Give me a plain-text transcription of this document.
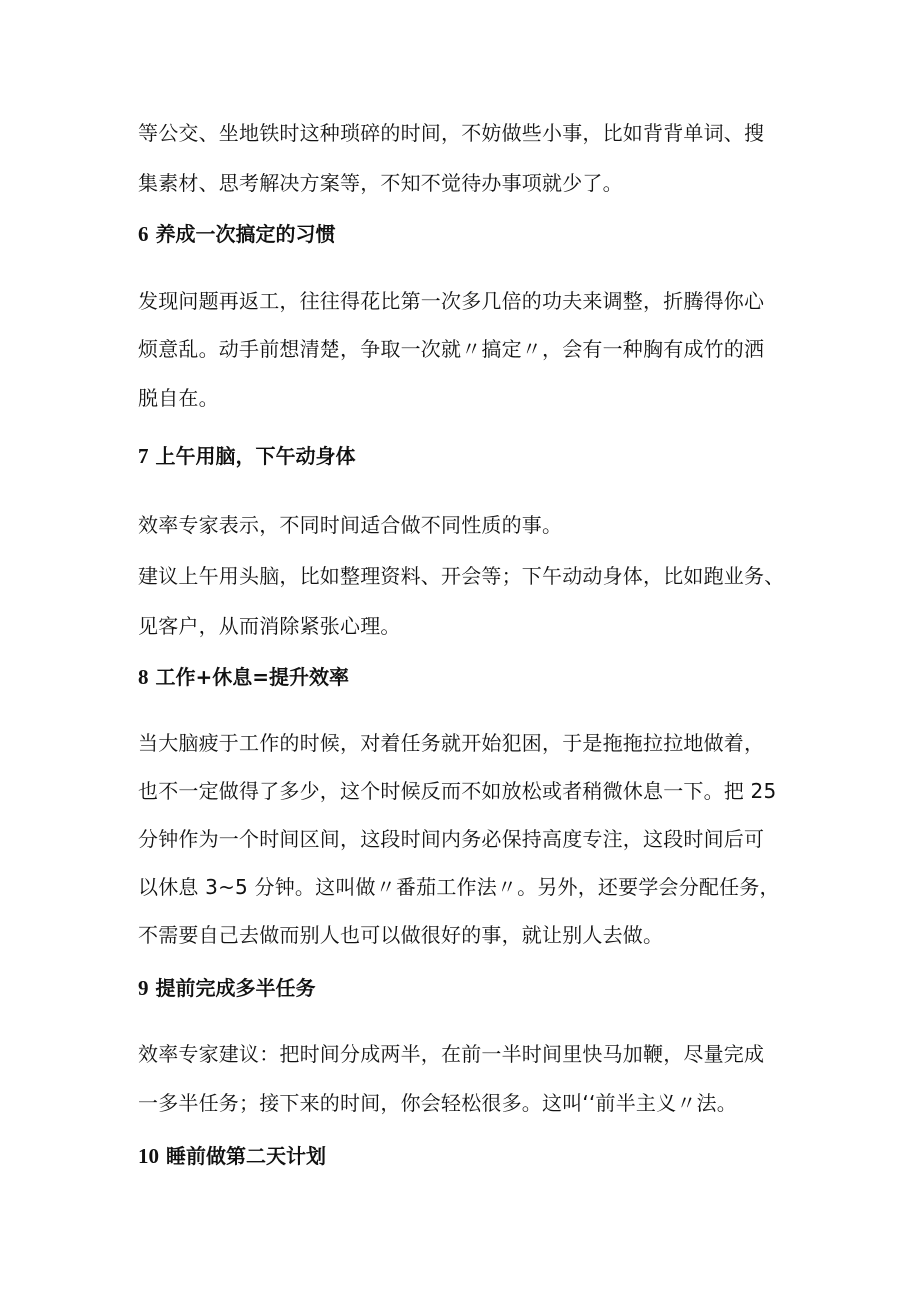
等公交、坐地铁时这种琐碎的时间，不妨做些小事，比如背背单词、搜
集素材、思考解决方案等，不知不觉待办事项就少了。
6 养成一次搞定的习惯
发现问题再返工，往往得花比第一次多几倍的功夫来调整，折腾得你心
烦意乱。动手前想清楚，争取一次就〃搞定〃，会有一种胸有成竹的洒
脱自在。
7 上午用脑，下午动身体
效率专家表示，不同时间适合做不同性质的事。
建议上午用头脑，比如整理资料、开会等；下午动动身体，比如跑业务、
见客户，从而消除紧张心理。
8 工作+休息=提升效率
当大脑疲于工作的时候，对着任务就开始犯困，于是拖拖拉拉地做着，
也不一定做得了多少，这个时候反而不如放松或者稍微休息一下。把 25
分钟作为一个时间区间，这段时间内务必保持高度专注，这段时间后可
以休息 3~5 分钟。这叫做〃番茄工作法〃。另外，还要学会分配任务，
不需要自己去做而别人也可以做很好的事，就让别人去做。
9 提前完成多半任务
效率专家建议：把时间分成两半，在前一半时间里快马加鞭，尽量完成
一多半任务；接下来的时间，你会轻松很多。这叫‘‘前半主义〃法。
10 睡前做第二天计划
